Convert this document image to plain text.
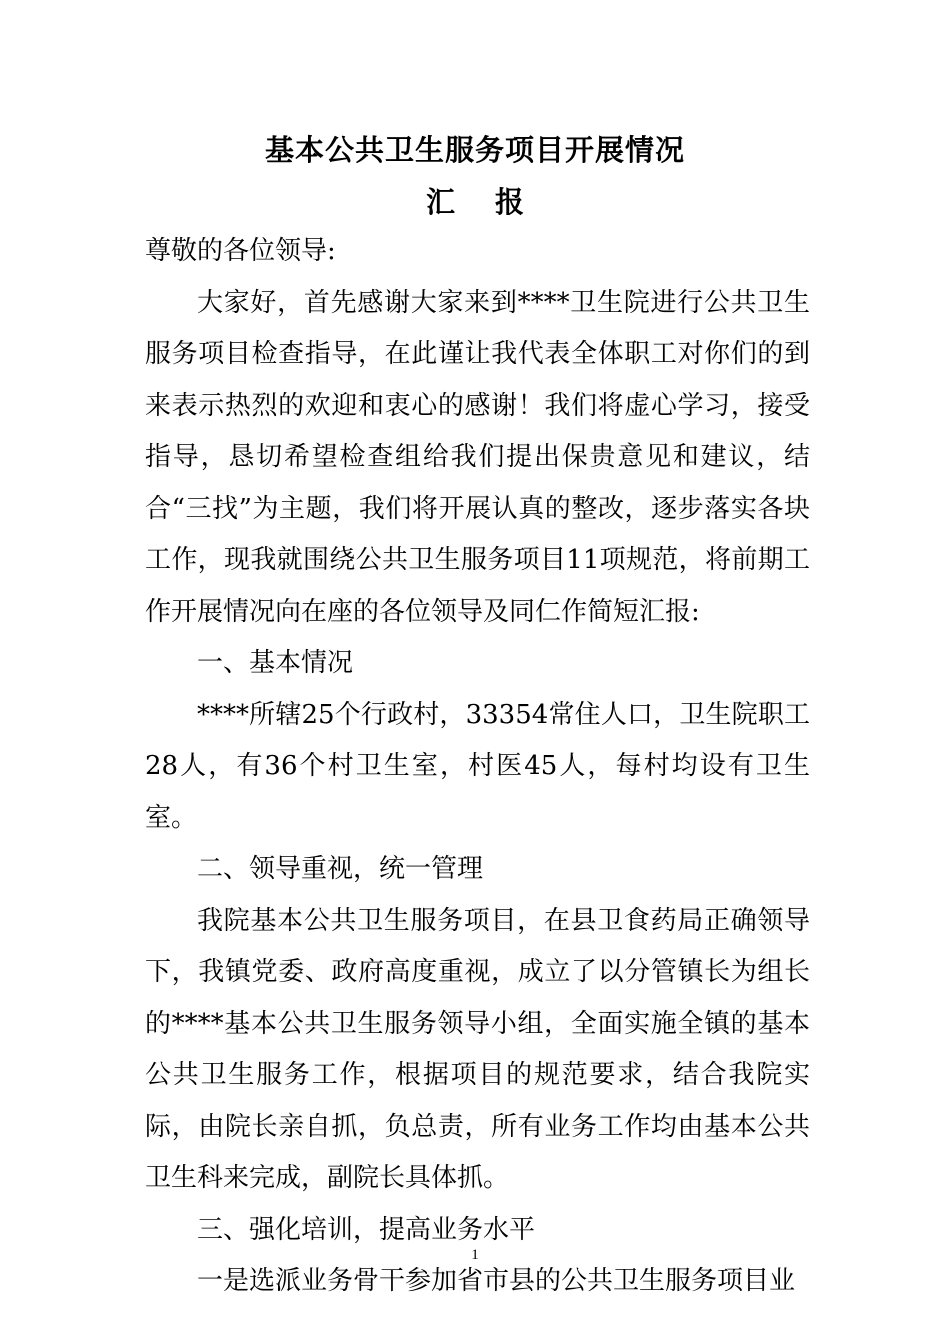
基本公共卫生服务项目开展情况
汇报

尊敬的各位领导:

大家好，首先感谢大家来到****卫生院进行公共卫生服务项目检查指导，在此谨让我代表全体职工对你们的到来表示热烈的欢迎和衷心的感谢！我们将虚心学习，接受指导，恳切希望检查组给我们提出保贵意见和建议，结合“三找”为主题，我们将开展认真的整改，逐步落实各块工作，现我就围绕公共卫生服务项目11项规范，将前期工作开展情况向在座的各位领导及同仁作简短汇报:

一、基本情况

****所辖25个行政村，33354常住人口，卫生院职工28人，有36个村卫生室，村医45人，每村均设有卫生室。

二、领导重视，统一管理

我院基本公共卫生服务项目，在县卫食药局正确领导下，我镇党委、政府高度重视，成立了以分管镇长为组长的****基本公共卫生服务领导小组，全面实施全镇的基本公共卫生服务工作，根据项目的规范要求，结合我院实际，由院长亲自抓，负总责，所有业务工作均由基本公共卫生科来完成，副院长具体抓。

三、强化培训，提高业务水平

一是选派业务骨干参加省市县的公共卫生服务项目业

1
